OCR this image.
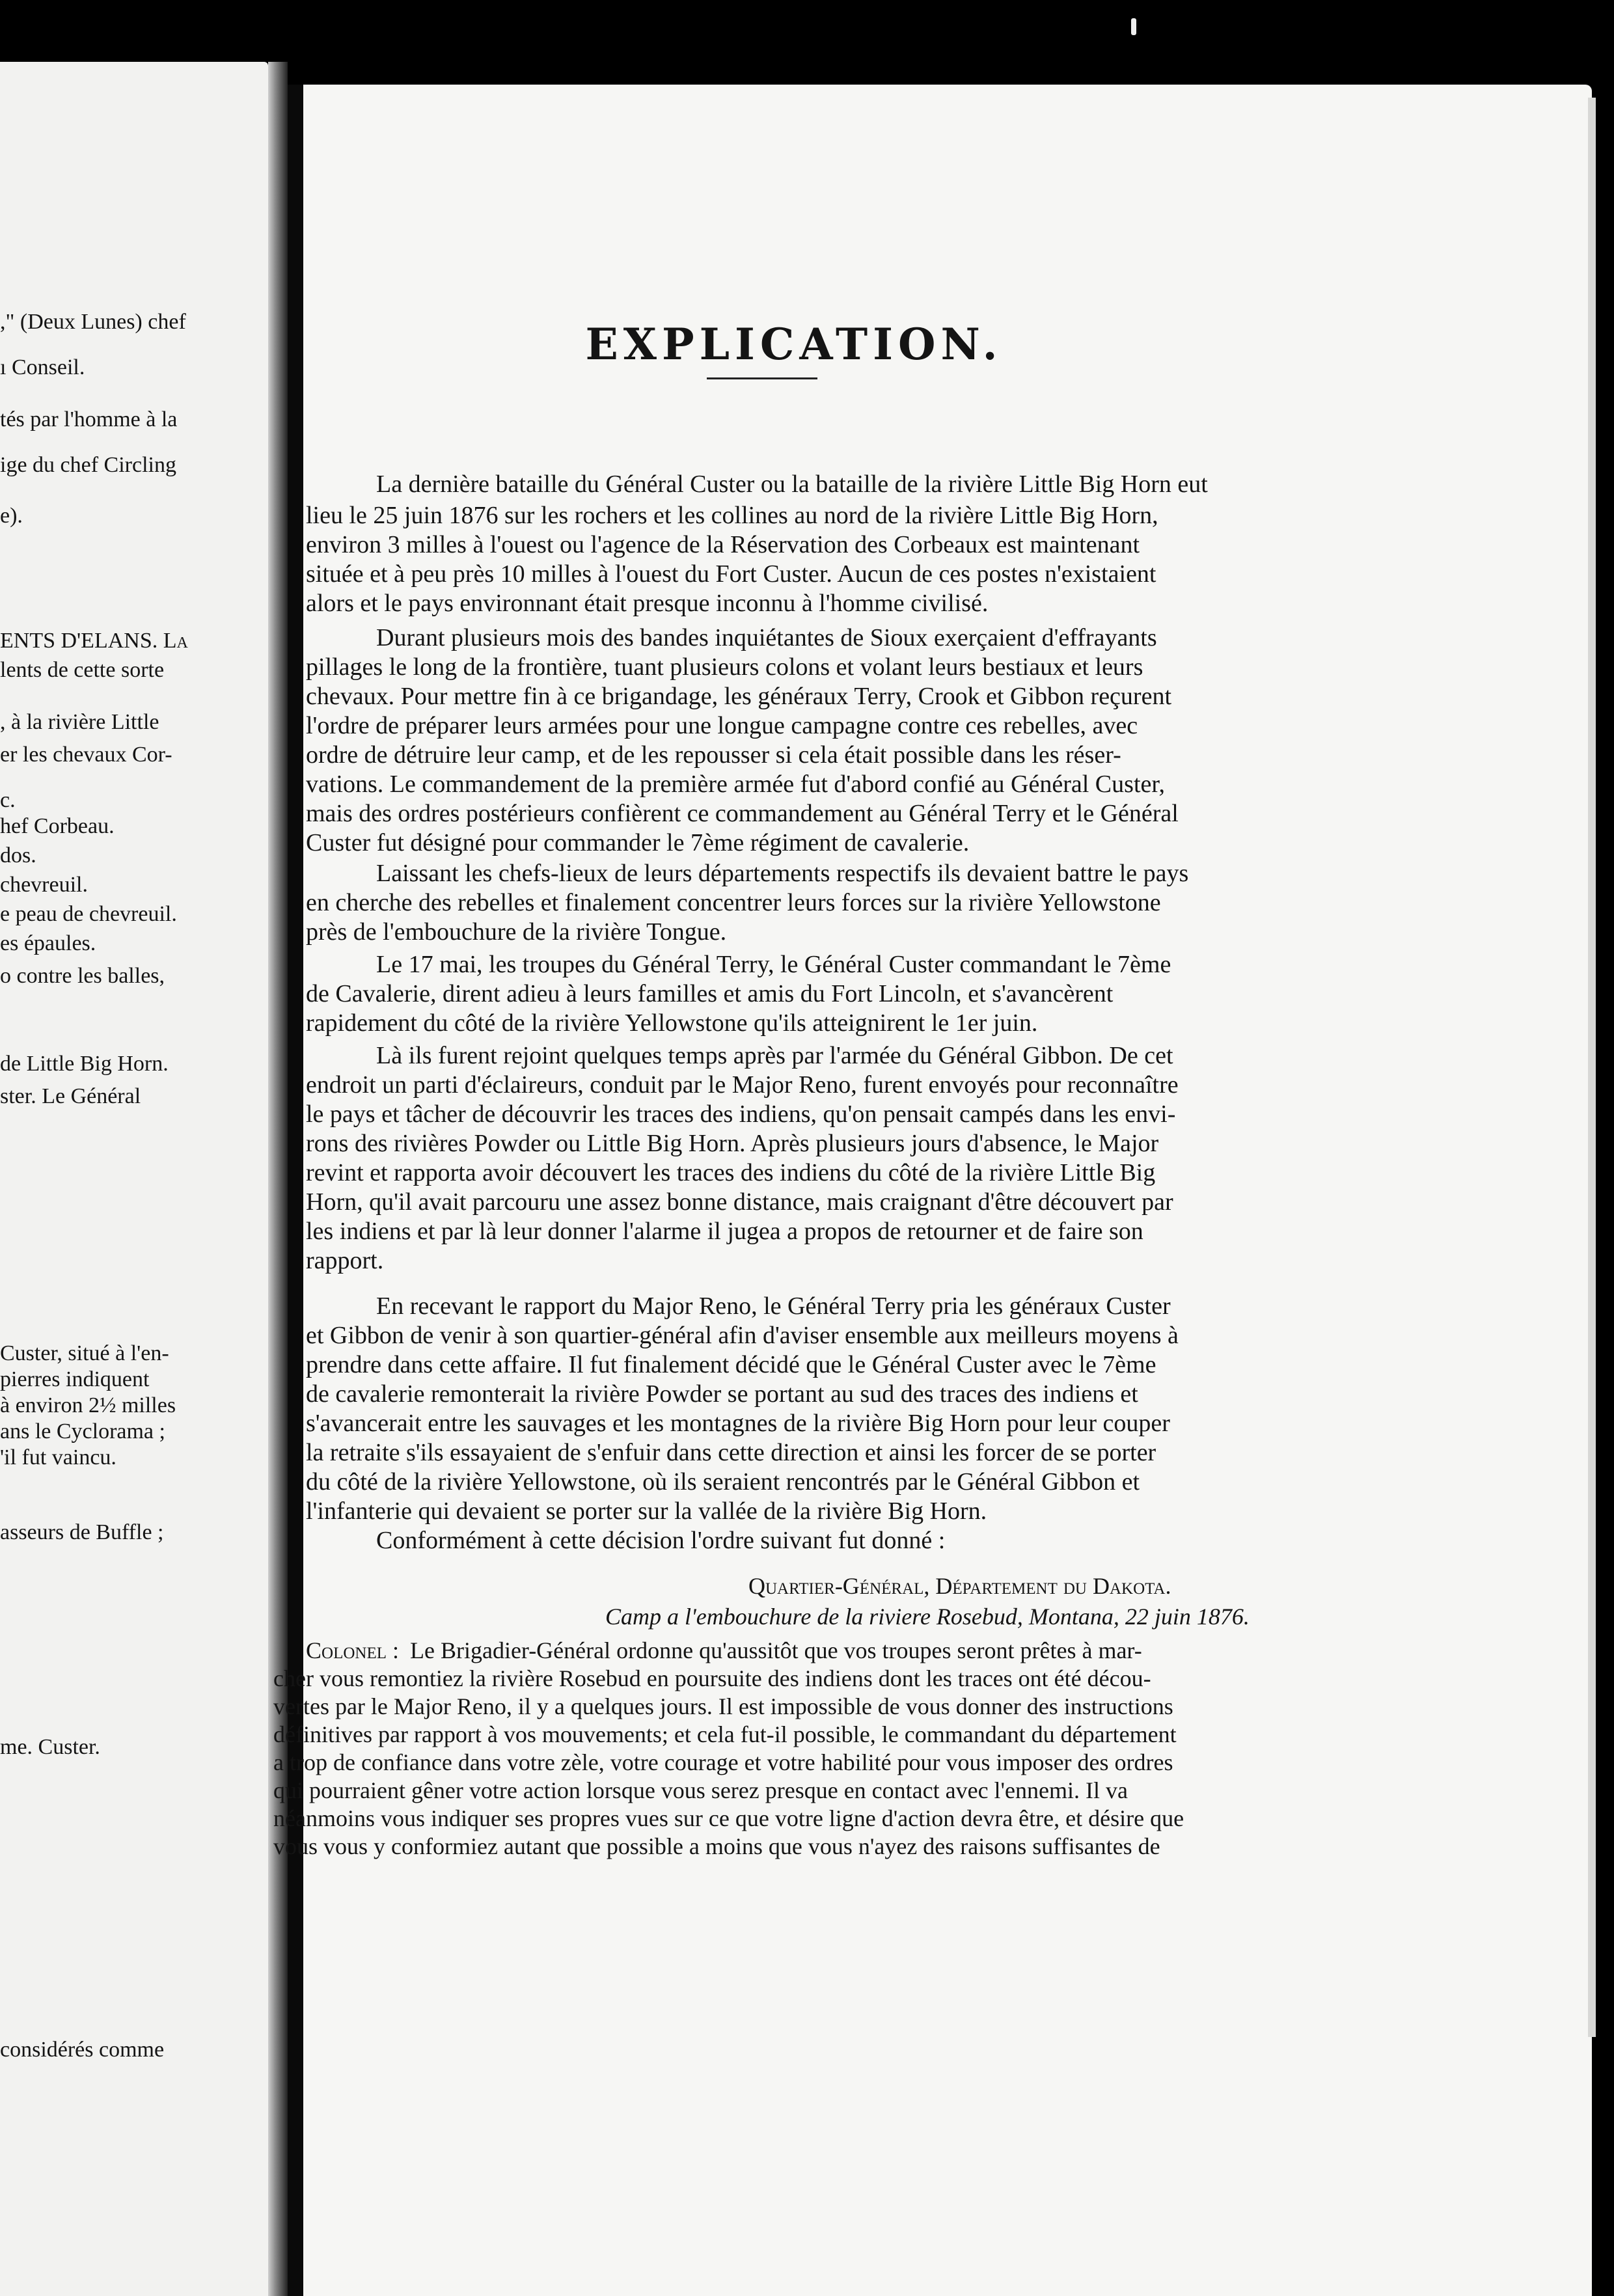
," (Deux Lunes) chef
ı Conseil.
tés par l'homme à la
ige du chef Circling
e).
ENTS D'ELANS. La
lents de cette sorte
, à la rivière Little
er les chevaux Cor-
c.
hef Corbeau.
dos.
chevreuil.
e peau de chevreuil.
es épaules.
o contre les balles,
de Little Big Horn.
ster. Le Général
Custer, situé à l'en-
pierres indiquent
à environ 2½ milles
ans le Cyclorama ;
'il fut vaincu.
asseurs de Buffle ;
me. Custer.
considérés comme
EXPLICATION.
La dernière bataille du Général Custer ou la bataille de la rivière Little Big Horn eut
lieu le 25 juin 1876 sur les rochers et les collines au nord de la rivière Little Big Horn,
environ 3 milles à l'ouest ou l'agence de la Réservation des Corbeaux est maintenant
située et à peu près 10 milles à l'ouest du Fort Custer. Aucun de ces postes n'existaient
alors et le pays environnant était presque inconnu à l'homme civilisé.
Durant plusieurs mois des bandes inquiétantes de Sioux exerçaient d'effrayants
pillages le long de la frontière, tuant plusieurs colons et volant leurs bestiaux et leurs
chevaux. Pour mettre fin à ce brigandage, les généraux Terry, Crook et Gibbon reçurent
l'ordre de préparer leurs armées pour une longue campagne contre ces rebelles, avec
ordre de détruire leur camp, et de les repousser si cela était possible dans les réser-
vations. Le commandement de la première armée fut d'abord confié au Général Custer,
mais des ordres postérieurs confièrent ce commandement au Général Terry et le Général
Custer fut désigné pour commander le 7ème régiment de cavalerie.
Laissant les chefs-lieux de leurs départements respectifs ils devaient battre le pays
en cherche des rebelles et finalement concentrer leurs forces sur la rivière Yellowstone
près de l'embouchure de la rivière Tongue.
Le 17 mai, les troupes du Général Terry, le Général Custer commandant le 7ème
de Cavalerie, dirent adieu à leurs familles et amis du Fort Lincoln, et s'avancèrent
rapidement du côté de la rivière Yellowstone qu'ils atteignirent le 1er juin.
Là ils furent rejoint quelques temps après par l'armée du Général Gibbon. De cet
endroit un parti d'éclaireurs, conduit par le Major Reno, furent envoyés pour reconnaître
le pays et tâcher de découvrir les traces des indiens, qu'on pensait campés dans les envi-
rons des rivières Powder ou Little Big Horn. Après plusieurs jours d'absence, le Major
revint et rapporta avoir découvert les traces des indiens du côté de la rivière Little Big
Horn, qu'il avait parcouru une assez bonne distance, mais craignant d'être découvert par
les indiens et par là leur donner l'alarme il jugea a propos de retourner et de faire son
rapport.
En recevant le rapport du Major Reno, le Général Terry pria les généraux Custer
et Gibbon de venir à son quartier-général afin d'aviser ensemble aux meilleurs moyens à
prendre dans cette affaire. Il fut finalement décidé que le Général Custer avec le 7ème
de cavalerie remonterait la rivière Powder se portant au sud des traces des indiens et
s'avancerait entre les sauvages et les montagnes de la rivière Big Horn pour leur couper
la retraite s'ils essayaient de s'enfuir dans cette direction et ainsi les forcer de se porter
du côté de la rivière Yellowstone, où ils seraient rencontrés par le Général Gibbon et
l'infanterie qui devaient se porter sur la vallée de la rivière Big Horn.
Conformément à cette décision l'ordre suivant fut donné :
Quartier-Général, Département du Dakota.
Camp a l'embouchure de la riviere Rosebud, Montana, 22 juin 1876.
Colonel : Le Brigadier-Général ordonne qu'aussitôt que vos troupes seront prêtes à mar-
cher vous remontiez la rivière Rosebud en poursuite des indiens dont les traces ont été décou-
vertes par le Major Reno, il y a quelques jours. Il est impossible de vous donner des instructions
définitives par rapport à vos mouvements; et cela fut-il possible, le commandant du département
a trop de confiance dans votre zèle, votre courage et votre habilité pour vous imposer des ordres
qui pourraient gêner votre action lorsque vous serez presque en contact avec l'ennemi. Il va
néanmoins vous indiquer ses propres vues sur ce que votre ligne d'action devra être, et désire que
vous vous y conformiez autant que possible a moins que vous n'ayez des raisons suffisantes de
